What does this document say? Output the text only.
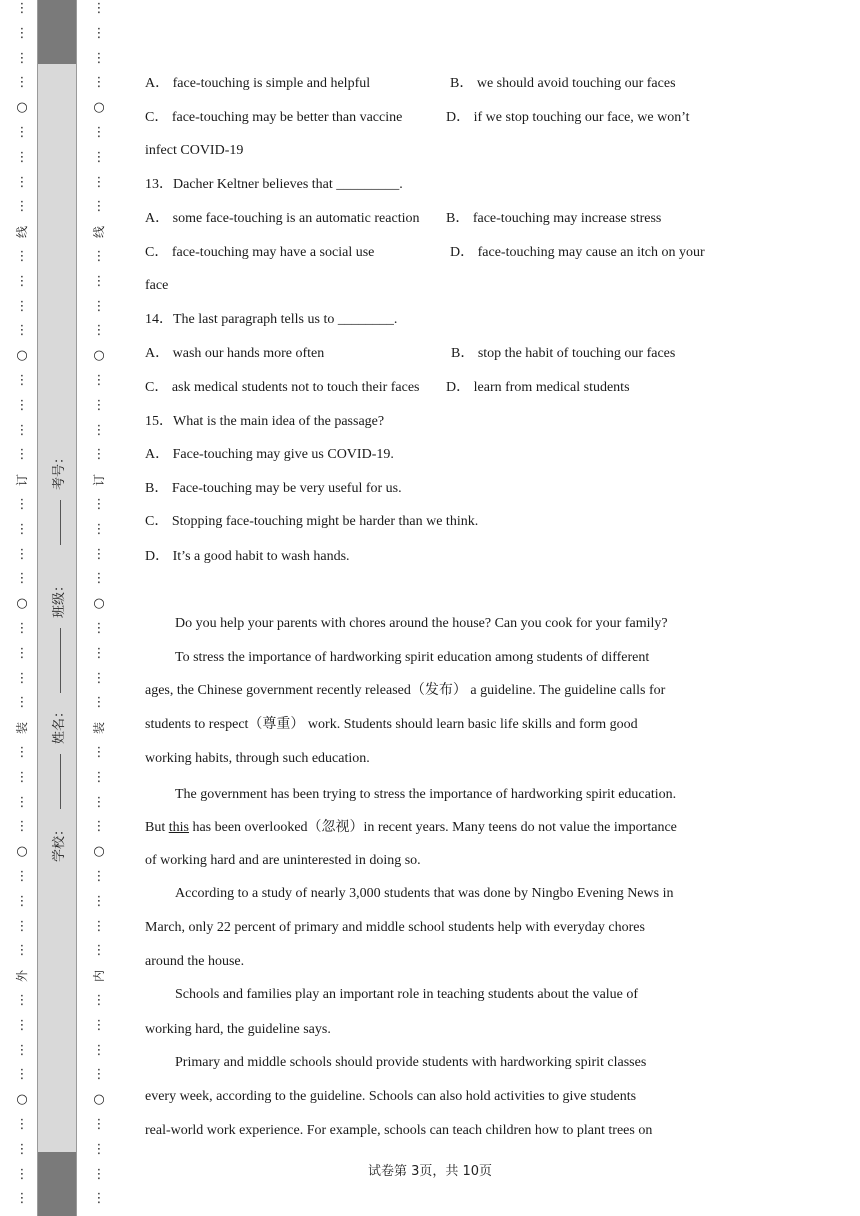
⋮
⋮
⋮
⋮
⋮
⋮
⋮
⋮
⋮
⋮
⋮
⋮
⋮
⋮
⋮
⋮
⋮
⋮
⋮
⋮
⋮
⋮
⋮
⋮
⋮
⋮
⋮
⋮
⋮
⋮
⋮
⋮
⋮
⋮
⋮
⋮
⋮
⋮
⋮
⋮
○
○
○
○
○
线
订
装
外
考号：
班级：
姓名：
学校：
⋮
⋮
⋮
⋮
⋮
⋮
⋮
⋮
⋮
⋮
⋮
⋮
⋮
⋮
⋮
⋮
⋮
⋮
⋮
⋮
⋮
⋮
⋮
⋮
⋮
⋮
⋮
⋮
⋮
⋮
⋮
⋮
⋮
⋮
⋮
⋮
⋮
⋮
⋮
⋮
○
○
○
○
○
线
订
装
内
A． face-touching is simple and helpful	B． we should avoid touching our faces
C． face-touching may be better than vaccine	D． if we stop touching our face, we won’t
infect COVID-19
13．Dacher Keltner believes that _________.
A． some face-touching is an automatic reaction B． face-touching may increase stress
C． face-touching may have a social use	D． face-touching may cause an itch on your
face
14．The last paragraph tells us to ________.
A． wash our hands more often	B． stop the habit of touching our faces
C． ask medical students not to touch their faces D． learn from medical students
15．What is the main idea of the passage?
A． Face-touching may give us COVID-19.
B． Face-touching may be very useful for us.
C． Stopping face-touching might be harder than we think.
D． It’s a good habit to wash hands.
Do you help your parents with chores around the house? Can you cook for your family?
To stress the importance of hardworking spirit education among students of different
ages, the Chinese government recently released（发布） a guideline. The guideline calls for
students to respect（尊重） work. Students should learn basic life skills and form good
working habits, through such education.
The government has been trying to stress the importance of hardworking spirit education.
But this has been overlooked（忽视）in recent years. Many teens do not value the importance
of working hard and are uninterested in doing so.
According to a study of nearly 3,000 students that was done by Ningbo Evening News in
March, only 22 percent of primary and middle school students help with everyday chores
around the house.
Schools and families play an important role in teaching students about the value of
working hard, the guideline says.
Primary and middle schools should provide students with hardworking spirit classes
every week, according to the guideline. Schools can also hold activities to give students
real-world work experience. For example, schools can teach children how to plant trees on
试卷第 3页，共 10页
